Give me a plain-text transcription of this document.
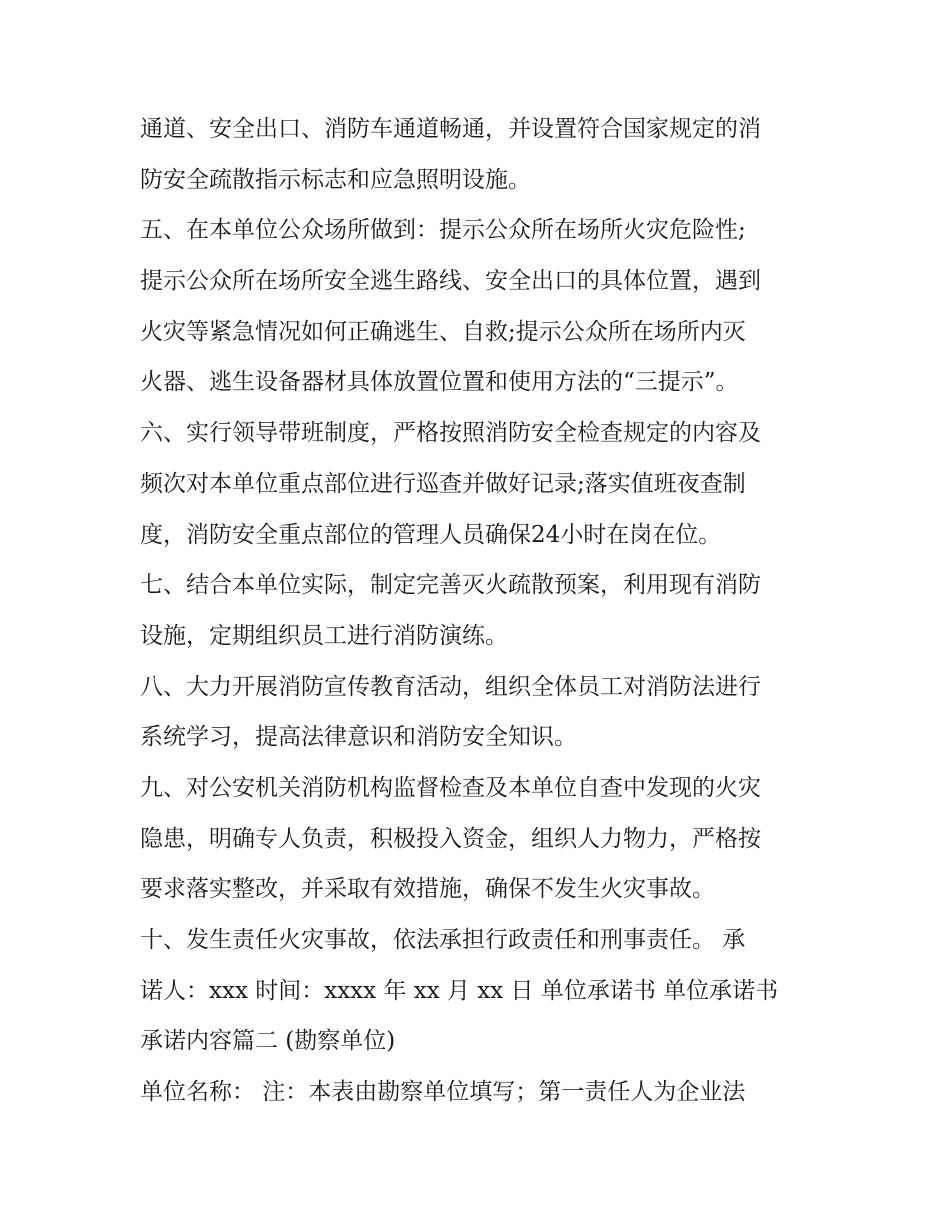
通道、安全出口、消防车通道畅通，并设置符合国家规定的消
防安全疏散指示标志和应急照明设施。
五、在本单位公众场所做到：提示公众所在场所火灾危险性;
提示公众所在场所安全逃生路线、安全出口的具体位置，遇到
火灾等紧急情况如何正确逃生、自救;提示公众所在场所内灭
火器、逃生设备器材具体放置位置和使用方法的“三提示”。
六、实行领导带班制度，严格按照消防安全检查规定的内容及
频次对本单位重点部位进行巡查并做好记录;落实值班夜查制
度，消防安全重点部位的管理人员确保24小时在岗在位。
七、结合本单位实际，制定完善灭火疏散预案，利用现有消防
设施，定期组织员工进行消防演练。
八、大力开展消防宣传教育活动，组织全体员工对消防法进行
系统学习，提高法律意识和消防安全知识。
九、对公安机关消防机构监督检查及本单位自查中发现的火灾
隐患，明确专人负责，积极投入资金，组织人力物力，严格按
要求落实整改，并采取有效措施，确保不发生火灾事故。
十、发生责任火灾事故，依法承担行政责任和刑事责任。 承
诺人：xxx 时间：xxxx 年 xx 月 xx 日 单位承诺书 单位承诺书
承诺内容篇二 (勘察单位)
单位名称： 注：本表由勘察单位填写；第一责任人为企业法
